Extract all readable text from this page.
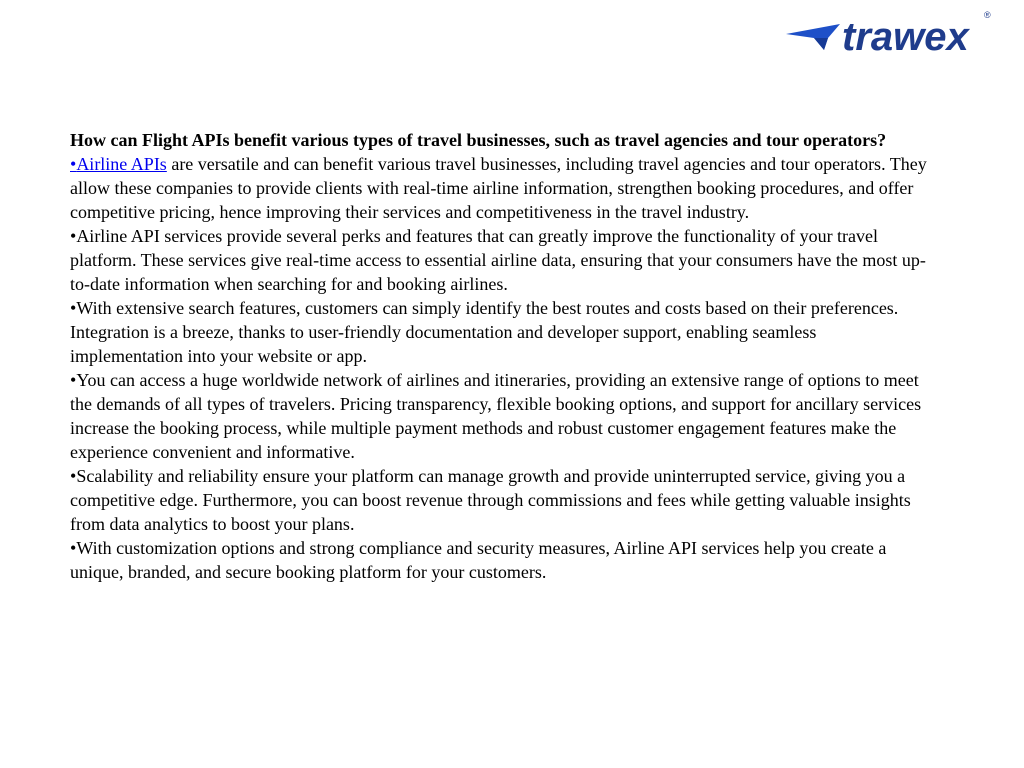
trawex ®

How can Flight APIs benefit various types of travel businesses, such as travel agencies and tour operators?

•Airline APIs are versatile and can benefit various travel businesses, including travel agencies and tour operators. They allow these companies to provide clients with real-time airline information, strengthen booking procedures, and offer competitive pricing, hence improving their services and competitiveness in the travel industry.

•Airline API services provide several perks and features that can greatly improve the functionality of your travel platform. These services give real-time access to essential airline data, ensuring that your consumers have the most up-to-date information when searching for and booking airlines.

•With extensive search features, customers can simply identify the best routes and costs based on their preferences. Integration is a breeze, thanks to user-friendly documentation and developer support, enabling seamless implementation into your website or app.

•You can access a huge worldwide network of airlines and itineraries, providing an extensive range of options to meet the demands of all types of travelers. Pricing transparency, flexible booking options, and support for ancillary services increase the booking process, while multiple payment methods and robust customer engagement features make the experience convenient and informative.

•Scalability and reliability ensure your platform can manage growth and provide uninterrupted service, giving you a competitive edge. Furthermore, you can boost revenue through commissions and fees while getting valuable insights from data analytics to boost your plans.

•With customization options and strong compliance and security measures, Airline API services help you create a unique, branded, and secure booking platform for your customers.
